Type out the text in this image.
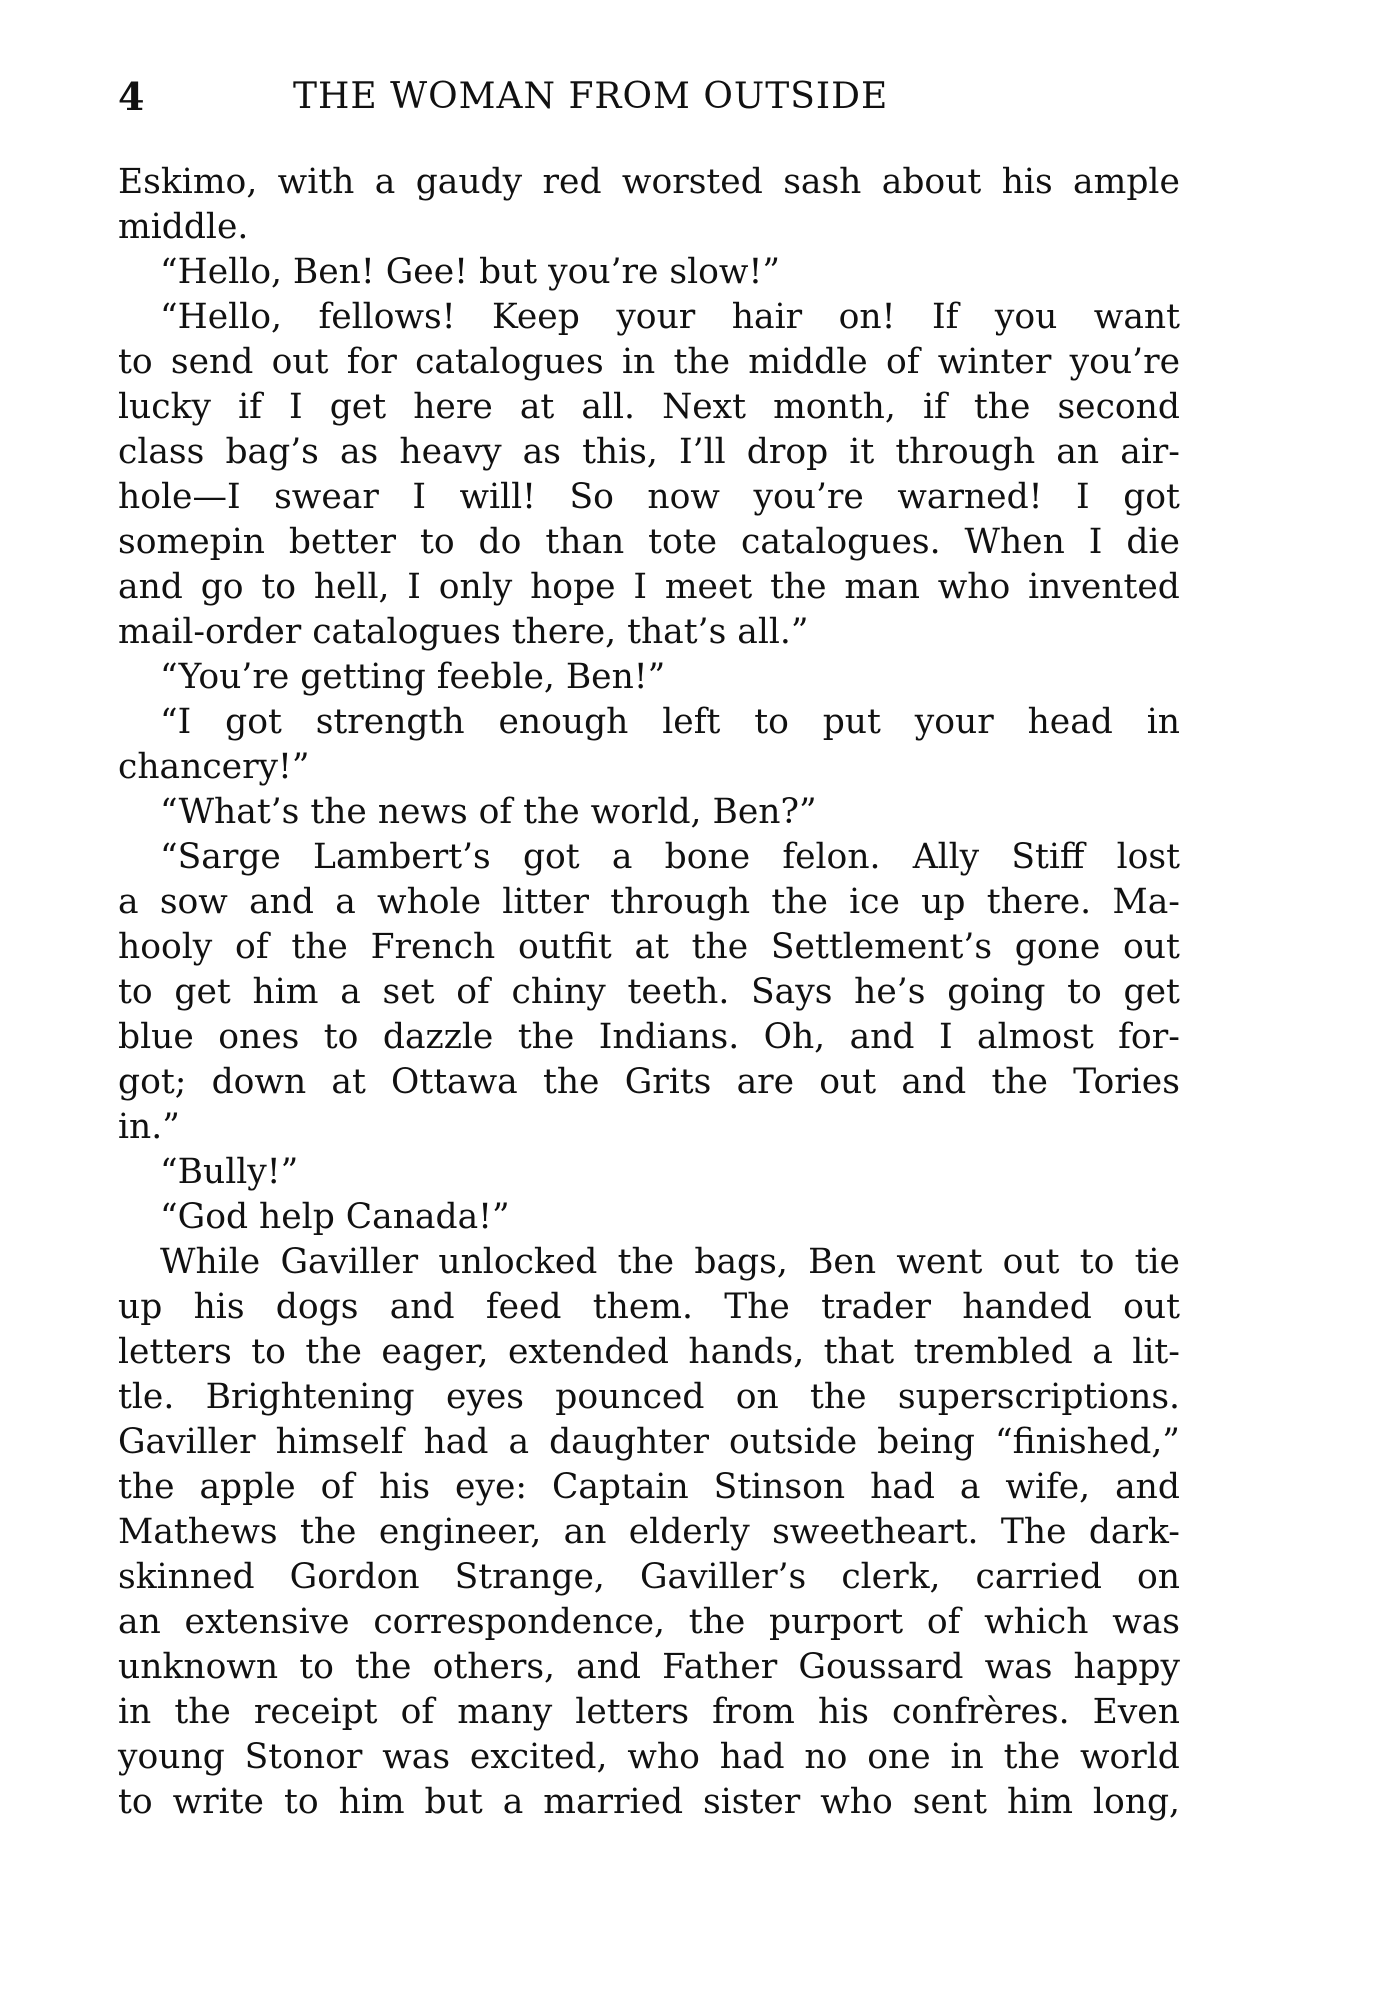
4	THE WOMAN FROM OUTSIDE
Eskimo, with a gaudy red worsted sash about his ample
middle.
“Hello, Ben! Gee! but you’re slow!”
“Hello, fellows! Keep your hair on! If you want
to send out for catalogues in the middle of winter you’re
lucky if I get here at all. Next month, if the second
class bag’s as heavy as this, I’ll drop it through an air-
hole—I swear I will! So now you’re warned! I got
somepin better to do than tote catalogues. When I die
and go to hell, I only hope I meet the man who invented
mail-order catalogues there, that’s all.”
“You’re getting feeble, Ben!”
“I got strength enough left to put your head in
chancery!”
“What’s the news of the world, Ben?”
“Sarge Lambert’s got a bone felon. Ally Stiff lost
a sow and a whole litter through the ice up there. Ma-
hooly of the French outfit at the Settlement’s gone out
to get him a set of chiny teeth. Says he’s going to get
blue ones to dazzle the Indians. Oh, and I almost for-
got; down at Ottawa the Grits are out and the Tories
in.”
“Bully!”
“God help Canada!”
While Gaviller unlocked the bags, Ben went out to tie
up his dogs and feed them. The trader handed out
letters to the eager, extended hands, that trembled a lit-
tle. Brightening eyes pounced on the superscriptions.
Gaviller himself had a daughter outside being “finished,”
the apple of his eye: Captain Stinson had a wife, and
Mathews the engineer, an elderly sweetheart. The dark-
skinned Gordon Strange, Gaviller’s clerk, carried on
an extensive correspondence, the purport of which was
unknown to the others, and Father Goussard was happy
in the receipt of many letters from his confrères. Even
young Stonor was excited, who had no one in the world
to write to him but a married sister who sent him long,
